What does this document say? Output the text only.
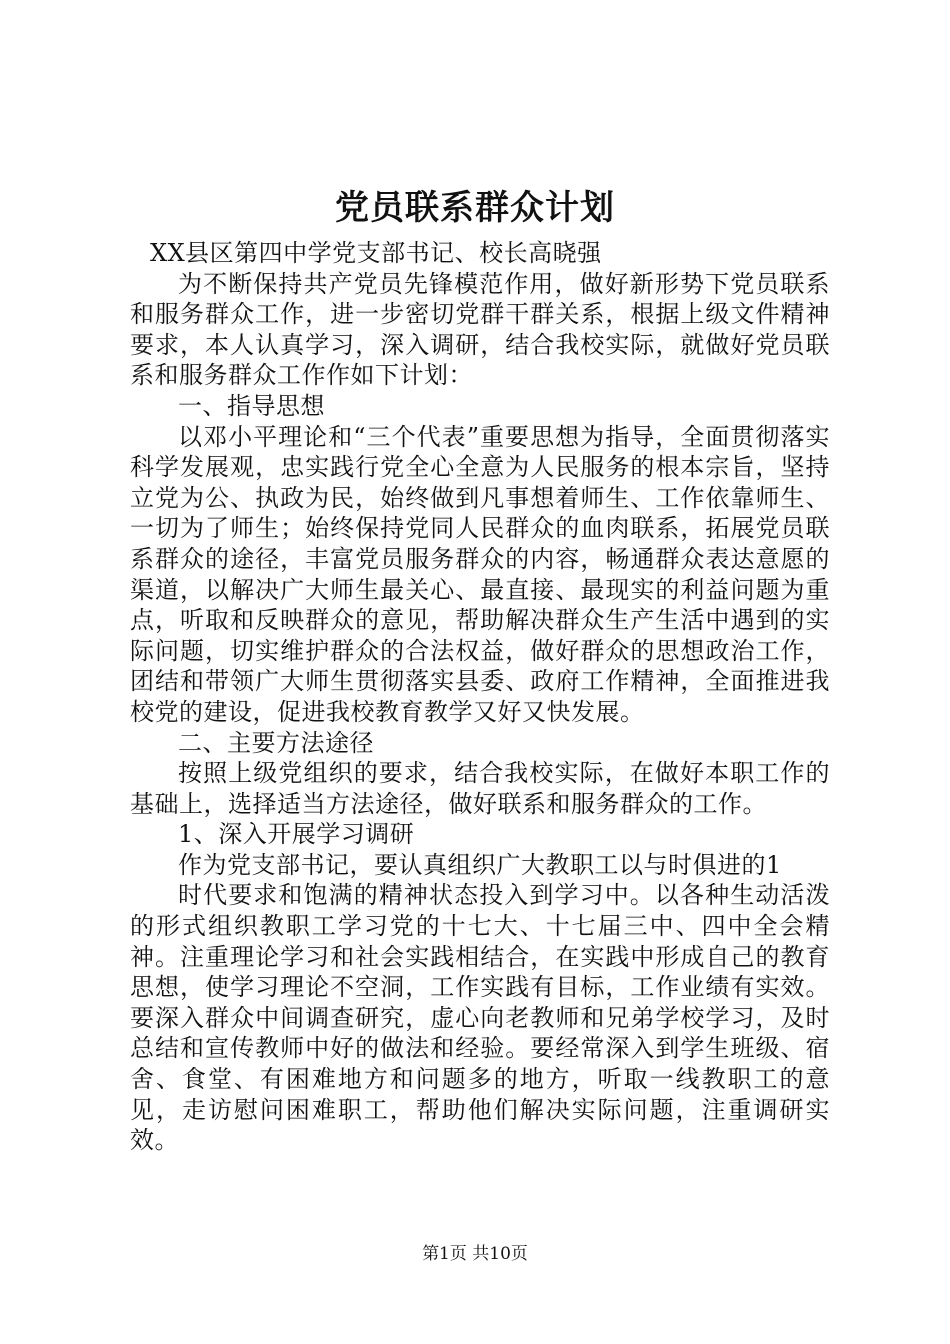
党员联系群众计划

XX县区第四中学党支部书记、校长高晓强

为不断保持共产党员先锋模范作用，做好新形势下党员联系和服务群众工作，进一步密切党群干群关系，根据上级文件精神要求，本人认真学习，深入调研，结合我校实际，就做好党员联系和服务群众工作作如下计划：

一、指导思想

以邓小平理论和“三个代表”重要思想为指导，全面贯彻落实科学发展观，忠实践行党全心全意为人民服务的根本宗旨，坚持立党为公、执政为民，始终做到凡事想着师生、工作依靠师生、一切为了师生；始终保持党同人民群众的血肉联系，拓展党员联系群众的途径，丰富党员服务群众的内容，畅通群众表达意愿的渠道，以解决广大师生最关心、最直接、最现实的利益问题为重点，听取和反映群众的意见，帮助解决群众生产生活中遇到的实际问题，切实维护群众的合法权益，做好群众的思想政治工作，团结和带领广大师生贯彻落实县委、政府工作精神，全面推进我校党的建设，促进我校教育教学又好又快发展。

二、主要方法途径

按照上级党组织的要求，结合我校实际，在做好本职工作的基础上，选择适当方法途径，做好联系和服务群众的工作。

1、深入开展学习调研

作为党支部书记，要认真组织广大教职工以与时俱进的1

时代要求和饱满的精神状态投入到学习中。以各种生动活泼的形式组织教职工学习党的十七大、十七届三中、四中全会精神。注重理论学习和社会实践相结合，在实践中形成自己的教育思想，使学习理论不空洞，工作实践有目标，工作业绩有实效。要深入群众中间调查研究，虚心向老教师和兄弟学校学习，及时总结和宣传教师中好的做法和经验。要经常深入到学生班级、宿舍、食堂、有困难地方和问题多的地方，听取一线教职工的意见，走访慰问困难职工，帮助他们解决实际问题，注重调研实效。

第1页 共10页
